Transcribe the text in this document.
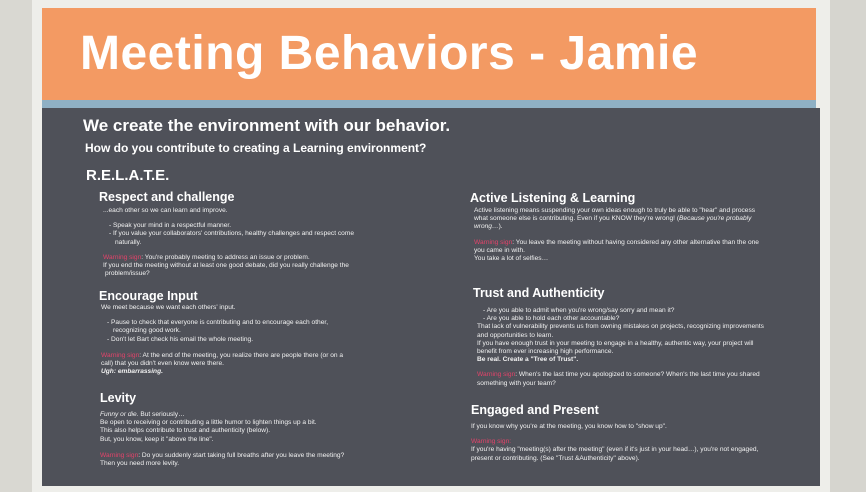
Meeting Behaviors - Jamie
We create the environment with our behavior.
How do you contribute to creating a Learning environment?
R.E.L.A.T.E.
Respect and challenge
...each other so we can learn and improve.
- Speak your mind in a respectful manner.
- If you value your collaborators' contributions, healthy challenges and respect come
naturally.
Warning sign: You're probably meeting to address an issue or problem.
If you end the meeting without at least one good debate, did you really challenge the
problem/issue?
Encourage Input
We meet because we want each others' input.
- Pause to check that everyone is contributing and to encourage each other,
recognizing good work.
- Don't let Bart check his email the whole meeting.
Warning sign: At the end of the meeting, you realize there are people there (or on a
call) that you didn't even know were there.
Ugh: embarrassing.
Levity
Funny or die. But seriously…
Be open to receiving or contributing a little humor to lighten things up a bit.
This also helps contribute to trust and authenticity (below).
But, you know, keep it "above the line".
Warning sign: Do you suddenly start taking full breaths after you leave the meeting?
Then you need more levity.
Active Listening & Learning
Active listening means suspending your own ideas enough to truly be able to "hear" and process
what someone else is contributing. Even if you KNOW they're wrong! (Because you're probably
wrong…).
Warning sign: You leave the meeting without having considered any other alternative than the one
you came in with.
You take a lot of selfies…
Trust and Authenticity
- Are you able to admit when you're wrong/say sorry and mean it?
- Are you able to hold each other accountable?
That lack of vulnerability prevents us from owning mistakes on projects, recognizing improvements
and opportunities to learn.
If you have enough trust in your meeting to engage in a healthy, authentic way, your project will
benefit from ever increasing high performance.
Be real. Create a "Tree of Trust".
Warning sign: When's the last time you apologized to someone? When's the last time you shared
something with your team?
Engaged and Present
If you know why you're at the meeting, you know how to "show up".
Warning sign:
If you're having "meeting(s) after the meeting" (even if it's just in your head…), you're not engaged,
present or contributing. (See "Trust &Authenticity" above).
